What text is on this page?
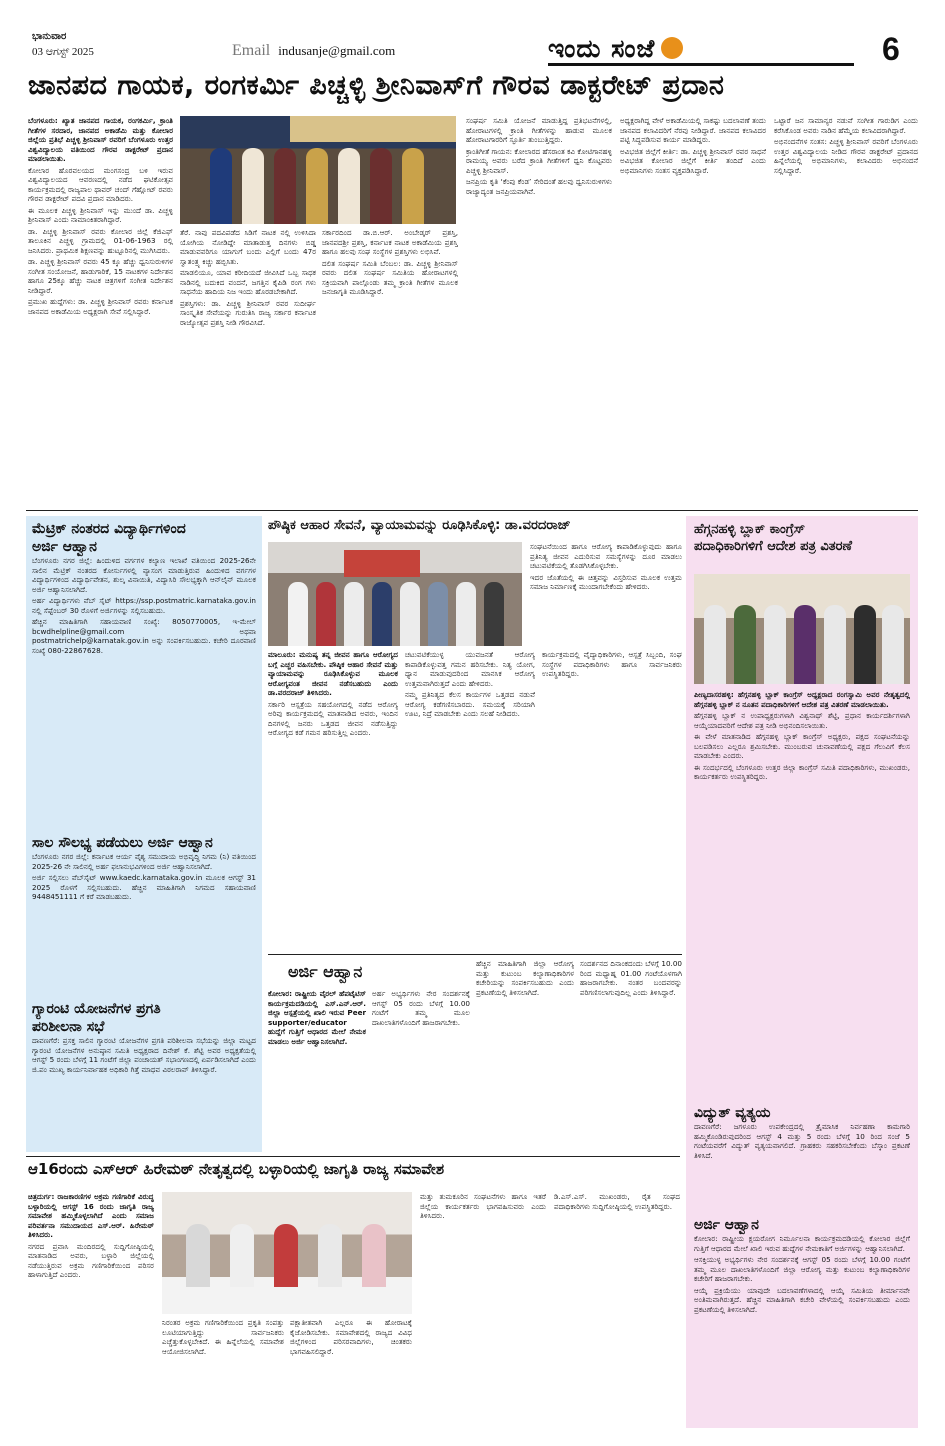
ಭಾನುವಾರ
03 ಆಗಸ್ಟ್ 2025	Email indusanje@gmail.com	ಇಂದು ಸಂಜೆ	6
ಜಾನಪದ ಗಾಯಕ, ರಂಗಕರ್ಮಿ ಪಿಚ್ಚಳ್ಳಿ ಶ್ರೀನಿವಾಸ್‌ಗೆ ಗೌರವ ಡಾಕ್ಟರೇಟ್ ಪ್ರದಾನ

ಬೆಂಗಳೂರು: ಖ್ಯಾತ ಜಾನಪದ ಗಾಯಕ, ರಂಗಕರ್ಮಿ, ಕ್ರಾಂತಿ ಗೀತೆಗಳ ಸರದಾರ, ಜಾನಪದ ಅಕಾಡೆಮಿ ಮತ್ತು ಕೋಲಾರ ಜಿಲ್ಲೆಯ ಪ್ರತಿಭೆ ಪಿಚ್ಚಳ್ಳಿ ಶ್ರೀನಿವಾಸ್ ರವರಿಗೆ ಬೆಂಗಳೂರು ಉತ್ತರ ವಿಶ್ವವಿದ್ಯಾಲಯ ವತಿಯಿಂದ ಗೌರವ ಡಾಕ್ಟರೇಟ್ ಪ್ರದಾನ ಮಾಡಲಾಯಿತು.

ಕೋಲಾರ ಹೊರವಲಯದ ಮಂಗಸಂದ್ರ ಬಳಿ ಇರುವ ವಿಶ್ವವಿದ್ಯಾಲಯದ ಆವರಣದಲ್ಲಿ ನಡೆದ ಘಟಿಕೋತ್ಸವ ಕಾರ್ಯಕ್ರಮದಲ್ಲಿ ರಾಜ್ಯಪಾಲ ಥಾವರ್ ಚಂದ್ ಗೆಹ್ಲೋಟ್ ರವರು ಗೌರವ ಡಾಕ್ಟರೇಟ್ ಪದವಿ ಪ್ರದಾನ ಮಾಡಿದರು.

ಈ ಮೂಲಕ ಪಿಚ್ಚಳ್ಳಿ ಶ್ರೀನಿವಾಸ್ ಇನ್ನು ಮುಂದೆ ಡಾ. ಪಿಚ್ಚಳ್ಳಿ ಶ್ರೀನಿವಾಸ್ ಎಂದು ನಾಮಾಂಕಿತರಾಗಿದ್ದಾರೆ.

ಡಾ. ಪಿಚ್ಚಳ್ಳಿ ಶ್ರೀನಿವಾಸ್ ರವರು ಕೋಲಾರ ಜಿಲ್ಲೆ ಕೆಜಿಎಫ್ ತಾಲೂಕಿನ ಪಿಚ್ಚಳ್ಳಿ ಗ್ರಾಮದಲ್ಲಿ 01-06-1963 ರಲ್ಲಿ ಜನಿಸಿದರು. ಪ್ರಾಥಮಿಕ ಶಿಕ್ಷಣವನ್ನು ಹುಟ್ಟೂರಿನಲ್ಲಿ ಮುಗಿಸಿದರು.

ಡಾ. ಪಿಚ್ಚಳ್ಳಿ ಶ್ರೀನಿವಾಸ್ ರವರು 45 ಕ್ಕೂ ಹೆಚ್ಚು ಧ್ವನಿಸುರುಳಿಗಳ ಸಂಗೀತ ಸಂಯೋಜನೆ, ಹಾಡುಗಾರಿಕೆ, 15 ನಾಟಕಗಳ ನಿರ್ದೇಶನ ಹಾಗೂ 25ಕ್ಕೂ ಹೆಚ್ಚು ನಾಟಕ ಚಿತ್ರಗಳಿಗೆ ಸಂಗೀತ ನಿರ್ದೇಶನ ನೀಡಿದ್ದಾರೆ.

ಪ್ರಮುಖ ಹುದ್ದೆಗಳು: ಡಾ. ಪಿಚ್ಚಳ್ಳಿ ಶ್ರೀನಿವಾಸ್ ರವರು ಕರ್ನಾಟಕ ಜಾನಪದ ಅಕಾಡೆಮಿಯ ಅಧ್ಯಕ್ಷರಾಗಿ ಸೇವೆ ಸಲ್ಲಿಸಿದ್ದಾರೆ.

ತೆರೆ. ನಾವು ಪದವಿಪಡೆದ ಸಿಡಿಗೆ ನಾಟಕ ನಲ್ಲಿ ಉಳಿಸಿದಾ ಯೋಗಿಯ ನೋಡಿದ್ದೇ ಮಾತಾಡುತ್ತ ದಿನಗಳು ಬಿಡ್ಡ ಮಾಡುವವರಿಗೂ ಯಾಗುಗೆ ಬಂದು ಎಲ್ಲಿಗೆ ಬಂದು 47ರ ಸ್ವಾತಂತ್ರ್ಯ ಕಿಚ್ಚು ಹಬ್ಬಿಸಿತು.

ಮಾಡಲಿಯೂ, ಯಾವ ಕರೀದಿಯದೆ ಜೀವಿಸಿದೆ ಒಬ್ಬ ಸಾಧಕ ನಾಡಿನಲ್ಲಿ ಬದುಕಿದ ವಂದನೆ, ಜಗತ್ತಿನ ಕೈಪಿಡಿ ರಂಗ ಗಳು ಸಾಧನೆಯ ಹಾದಿಯ ನಿಜ ಇಂದು ಹೊರಡಬೇಕಾಗಿದೆ.

ಪ್ರಶಸ್ತಿಗಳು: ಡಾ. ಪಿಚ್ಚಳ್ಳಿ ಶ್ರೀನಿವಾಸ್ ರವರ ಸುದೀರ್ಘ ಸಾಂಸ್ಕೃತಿಕ ಸೇವೆಯನ್ನು ಗುರುತಿಸಿ ರಾಜ್ಯ ಸರ್ಕಾರ ಕರ್ನಾಟಕ ರಾಜ್ಯೋತ್ಸವ ಪ್ರಶಸ್ತಿ ನೀಡಿ ಗೌರವಿಸಿದೆ.

ಸರ್ಕಾರದಿಂದ ಡಾ.ಬಿ.ಆರ್. ಅಂಬೇಡ್ಕರ್ ಪ್ರಶಸ್ತಿ, ಜಾನಪದಶ್ರೀ ಪ್ರಶಸ್ತಿ, ಕರ್ನಾಟಕ ನಾಟಕ ಅಕಾಡೆಮಿಯ ಪ್ರಶಸ್ತಿ ಹಾಗೂ ಹಲವು ಸಂಘ ಸಂಸ್ಥೆಗಳ ಪ್ರಶಸ್ತಿಗಳು ಲಭಿಸಿವೆ.

ದಲಿತ ಸಂಘರ್ಷ ಸಮಿತಿ ಬೆಂಬಲ: ಡಾ. ಪಿಚ್ಚಳ್ಳಿ ಶ್ರೀನಿವಾಸ್ ರವರು ದಲಿತ ಸಂಘರ್ಷ ಸಮಿತಿಯ ಹೋರಾಟಗಳಲ್ಲಿ ಸಕ್ರಿಯವಾಗಿ ಪಾಲ್ಗೊಂಡು ತಮ್ಮ ಕ್ರಾಂತಿ ಗೀತೆಗಳ ಮೂಲಕ ಜನಜಾಗೃತಿ ಮೂಡಿಸಿದ್ದಾರೆ.

ಸಂಘರ್ಷ ಸಮಿತಿ ಯೋಜನೆ ಮಾಡುತ್ತಿದ್ದ ಪ್ರತಿಭಟನೆಗಳಲ್ಲಿ, ಹೋರಾಟಗಳಲ್ಲಿ ಕ್ರಾಂತಿ ಗೀತೆಗಳನ್ನು ಹಾಡುವ ಮೂಲಕ ಹೋರಾಟಗಾರರಿಗೆ ಸ್ಫೂರ್ತಿ ತುಂಬುತ್ತಿದ್ದರು.

ಕ್ರಾಂತಿಗೀತೆ ಗಾಯನ: ಕೋಲಾರದ ಹೆಸರಾಂತ ಕವಿ ಕೋಟಿಗಾನಹಳ್ಳಿ ರಾಮಯ್ಯ ಅವರು ಬರೆದ ಕ್ರಾಂತಿ ಗೀತೆಗಳಿಗೆ ಧ್ವನಿ ಕೊಟ್ಟವರು ಪಿಚ್ಚಳ್ಳಿ ಶ್ರೀನಿವಾಸ್.

ಜನಪ್ರಿಯ ಕೃತಿ ‘ಕೆಂಪು ಕೆಂಡ’ ಸೇರಿದಂತೆ ಹಲವು ಧ್ವನಿಸುರುಳಿಗಳು ರಾಜ್ಯಾದ್ಯಂತ ಜನಪ್ರಿಯವಾಗಿವೆ.

ಅಧ್ಯಕ್ಷರಾಗಿದ್ದ ವೇಳೆ ಅಕಾಡೆಮಿಯಲ್ಲಿ ಸಾಕಷ್ಟು ಬದಲಾವಣೆ ತಂದು ಜಾನಪದ ಕಲಾವಿದರಿಗೆ ನೆರವು ನೀಡಿದ್ದಾರೆ. ಜಾನಪದ ಕಲಾವಿದರ ಪಟ್ಟಿ ಸಿದ್ಧಪಡಿಸುವ ಕಾರ್ಯ ಮಾಡಿದ್ದರು.

ಅವಿಭಜಿತ ಜಿಲ್ಲೆಗೆ ಕೀರ್ತಿ: ಡಾ. ಪಿಚ್ಚಳ್ಳಿ ಶ್ರೀನಿವಾಸ್ ರವರ ಸಾಧನೆ ಅವಿಭಜಿತ ಕೋಲಾರ ಜಿಲ್ಲೆಗೆ ಕೀರ್ತಿ ತಂದಿದೆ ಎಂದು ಅಭಿಮಾನಿಗಳು ಸಂತಸ ವ್ಯಕ್ತಪಡಿಸಿದ್ದಾರೆ.

ಒಟ್ಟಾರೆ ಜನ ಸಾಮಾನ್ಯರ ನಡುವೆ ಸಂಗೀತ ಗಾರುಡಿಗ ಎಂದು ಕರೆಸಿಕೊಂಡ ಅವರು ನಾಡಿನ ಹೆಮ್ಮೆಯ ಕಲಾವಿದರಾಗಿದ್ದಾರೆ.

ಅಭಿನಂದನೆಗಳ ಸಂತಸ: ಪಿಚ್ಚಳ್ಳಿ ಶ್ರೀನಿವಾಸ್ ರವರಿಗೆ ಬೆಂಗಳೂರು ಉತ್ತರ ವಿಶ್ವವಿದ್ಯಾಲಯ ನೀಡಿದ ಗೌರವ ಡಾಕ್ಟರೇಟ್ ಪ್ರದಾನದ ಹಿನ್ನೆಲೆಯಲ್ಲಿ ಅಭಿಮಾನಿಗಳು, ಕಲಾವಿದರು ಅಭಿನಂದನೆ ಸಲ್ಲಿಸಿದ್ದಾರೆ.

ಮೆಟ್ರಿಕ್ ನಂತರದ ವಿದ್ಯಾರ್ಥಿಗಳಿಂದ
ಅರ್ಜಿ ಆಹ್ವಾನ

ಬೆಂಗಳೂರು ನಗರ ಜಿಲ್ಲೆ: ಹಿಂದುಳಿದ ವರ್ಗಗಳ ಕಲ್ಯಾಣ ಇಲಾಖೆ ವತಿಯಿಂದ 2025-26ನೇ ಸಾಲಿನ ಮೆಟ್ರಿಕ್ ನಂತರದ ಕೋರ್ಸುಗಳಲ್ಲಿ ವ್ಯಾಸಂಗ ಮಾಡುತ್ತಿರುವ ಹಿಂದುಳಿದ ವರ್ಗಗಳ ವಿದ್ಯಾರ್ಥಿಗಳಿಂದ ವಿದ್ಯಾರ್ಥಿವೇತನ, ಶುಲ್ಕ ವಿನಾಯಿತಿ, ವಿದ್ಯಾಸಿರಿ ಸೌಲಭ್ಯಕ್ಕಾಗಿ ಆನ್‌ಲೈನ್ ಮೂಲಕ ಅರ್ಜಿ ಆಹ್ವಾನಿಸಲಾಗಿದೆ.

ಅರ್ಹ ವಿದ್ಯಾರ್ಥಿಗಳು ವೆಬ್ ಸೈಟ್ https://ssp.postmatric.karnataka.gov.in ನಲ್ಲಿ ಸೆಪ್ಟೆಂಬರ್ 30 ರೊಳಗೆ ಅರ್ಜಿಗಳನ್ನು ಸಲ್ಲಿಸಬಹುದು.

ಹೆಚ್ಚಿನ ಮಾಹಿತಿಗಾಗಿ ಸಹಾಯವಾಣಿ ಸಂಖ್ಯೆ: 8050770005, ಇ-ಮೇಲ್ bcwdhelpline@gmail.com ಅಥವಾ postmatrichelp@karnatak.gov.in ಅನ್ನು ಸಂಪರ್ಕಿಸಬಹುದು. ಕಚೇರಿ ದೂರವಾಣಿ ಸಂಖ್ಯೆ 080-22867628.

ಸಾಲ ಸೌಲಭ್ಯ ಪಡೆಯಲು ಅರ್ಜಿ ಆಹ್ವಾನ

ಬೆಂಗಳೂರು ನಗರ ಜಿಲ್ಲೆ: ಕರ್ನಾಟಕ ಆರ್ಯ ವೈಶ್ಯ ಸಮುದಾಯ ಅಭಿವೃದ್ಧಿ ನಿಗಮ (ನಿ) ವತಿಯಿಂದ 2025-26 ನೇ ಸಾಲಿನಲ್ಲಿ ಅರ್ಹ ಫಲಾನುಭವಿಗಳಿಂದ ಅರ್ಜಿ ಆಹ್ವಾನಿಸಲಾಗಿದೆ.

ಅರ್ಜಿ ಸಲ್ಲಿಸಲು ವೆಬ್‌ಸೈಟ್ www.kaedc.karnataka.gov.in ಮೂಲಕ ಆಗಸ್ಟ್ 31 2025 ರೊಳಗೆ ಸಲ್ಲಿಸಬಹುದು. ಹೆಚ್ಚಿನ ಮಾಹಿತಿಗಾಗಿ ನಿಗಮದ ಸಹಾಯವಾಣಿ 9448451111 ಗೆ ಕರೆ ಮಾಡಬಹುದು.

ಗ್ಯಾರಂಟಿ ಯೋಜನೆಗಳ ಪ್ರಗತಿ
ಪರಿಶೀಲನಾ ಸಭೆ

ದಾವಣಗೆರೆ: ಪ್ರಸಕ್ತ ಸಾಲಿನ ಗ್ಯಾರಂಟಿ ಯೋಜನೆಗಳ ಪ್ರಗತಿ ಪರಿಶೀಲನಾ ಸಭೆಯನ್ನು ಜಿಲ್ಲಾ ಮಟ್ಟದ ಗ್ಯಾರಂಟಿ ಯೋಜನೆಗಳ ಅನುಷ್ಠಾನ ಸಮಿತಿ ಅಧ್ಯಕ್ಷರಾದ ದಿನೇಶ್ ಕೆ. ಶೆಟ್ಟಿ ಅವರ ಅಧ್ಯಕ್ಷತೆಯಲ್ಲಿ ಆಗಸ್ಟ್ 5 ರಂದು ಬೆಳಗ್ಗೆ 11 ಗಂಟೆಗೆ ಜಿಲ್ಲಾ ಪಂಚಾಯತ್ ಸಭಾಂಗಣದಲ್ಲಿ ಏರ್ಪಡಿಸಲಾಗಿದೆ ಎಂದು ಜಿ.ಪಂ ಮುಖ್ಯ ಕಾರ್ಯನಿರ್ವಾಹಕ ಅಧಿಕಾರಿ ಗಿತ್ತೆ ಮಾಧವ ವಿಠಲರಾವ್ ತಿಳಿಸಿದ್ದಾರೆ.

ಪೌಷ್ಠಿಕ ಆಹಾರ ಸೇವನೆ, ವ್ಯಾಯಾಮವನ್ನು ರೂಢಿಸಿಕೊಳ್ಳಿ: ಡಾ.ವರದರಾಜ್

ಸಂಘಟನೆಯಿಂದ ಹಾಗೂ ಆರೋಗ್ಯ ಕಾಪಾಡಿಕೊಳ್ಳುವುದು ಹಾಗೂ ಪ್ರತಿನಿತ್ಯ ಜೀವನ ಎದುರಿಸುವ ಸಮಸ್ಯೆಗಳನ್ನು ದೂರ ಮಾಡಲು ಚಟುವಟಿಕೆಯಲ್ಲಿ ತೊಡಗಿಸಿಕೊಳ್ಳಬೇಕು.

ಇದರ ಜೊತೆಯಲ್ಲಿ ಈ ಚಿತ್ತವನ್ನು ವಿಸ್ತರಿಸುವ ಮೂಲಕ ಉತ್ತಮ ಸಮಾಜ ನಿರ್ಮಾಣಕ್ಕೆ ಮುಂದಾಗಬೇಕೆಂದು ಹೇಳಿದರು.

ಮಾಲೂರು: ಮನುಷ್ಯ ತನ್ನ ಜೀವನ ಹಾಗೂ ಆರೋಗ್ಯದ ಬಗ್ಗೆ ಎಚ್ಚರ ವಹಿಸಬೇಕು. ಪೌಷ್ಠಿಕ ಆಹಾರ ಸೇವನೆ ಮತ್ತು ವ್ಯಾಯಾಮವನ್ನು ರೂಢಿಸಿಕೊಳ್ಳುವ ಮೂಲಕ ಆರೋಗ್ಯವಂತ ಜೀವನ ನಡೆಸಬಹುದು ಎಂದು ಡಾ.ವರದರಾಜ್ ತಿಳಿಸಿದರು.

ಸರ್ಕಾರಿ ಆಸ್ಪತ್ರೆಯ ಸಹಯೋಗದಲ್ಲಿ ನಡೆದ ಆರೋಗ್ಯ ಅರಿವು ಕಾರ್ಯಕ್ರಮದಲ್ಲಿ ಮಾತನಾಡಿದ ಅವರು, ಇಂದಿನ ದಿನಗಳಲ್ಲಿ ಜನರು ಒತ್ತಡದ ಜೀವನ ನಡೆಸುತ್ತಿದ್ದು ಆರೋಗ್ಯದ ಕಡೆ ಗಮನ ಹರಿಸುತ್ತಿಲ್ಲ ಎಂದರು.

ಚಟುವಟಿಕೆಯುಳ್ಳ ಯುವಜನತೆ ಆರೋಗ್ಯ ಕಾಪಾಡಿಕೊಳ್ಳುವತ್ತ ಗಮನ ಹರಿಸಬೇಕು. ನಿತ್ಯ ಯೋಗ, ಧ್ಯಾನ ಮಾಡುವುದರಿಂದ ಮಾನಸಿಕ ಆರೋಗ್ಯ ಉತ್ತಮವಾಗಿರುತ್ತದೆ ಎಂದು ಹೇಳಿದರು.

ನಮ್ಮ ಪ್ರತಿನಿತ್ಯದ ಕೆಲಸ ಕಾರ್ಯಗಳ ಒತ್ತಡದ ನಡುವೆ ಆರೋಗ್ಯ ಕಡೆಗಣಿಸಬಾರದು. ಸಮಯಕ್ಕೆ ಸರಿಯಾಗಿ ಊಟ, ನಿದ್ರೆ ಮಾಡಬೇಕು ಎಂದು ಸಲಹೆ ನೀಡಿದರು.

ಕಾರ್ಯಕ್ರಮದಲ್ಲಿ ವೈದ್ಯಾಧಿಕಾರಿಗಳು, ಆಸ್ಪತ್ರೆ ಸಿಬ್ಬಂದಿ, ಸಂಘ ಸಂಸ್ಥೆಗಳ ಪದಾಧಿಕಾರಿಗಳು ಹಾಗೂ ಸಾರ್ವಜನಿಕರು ಉಪಸ್ಥಿತರಿದ್ದರು.

ಅರ್ಜಿ ಆಹ್ವಾನ

ಕೋಲಾರ: ರಾಷ್ಟ್ರೀಯ ವೈರಲ್ ಹೆಪಟೈಟಿಸ್ ಕಾರ್ಯಕ್ರಮದಡಿಯಲ್ಲಿ ಎಸ್.ಎನ್.ಆರ್. ಜಿಲ್ಲಾ ಆಸ್ಪತ್ರೆಯಲ್ಲಿ ಖಾಲಿ ಇರುವ Peer supporter/educator ಹುದ್ದೆಗೆ ಗುತ್ತಿಗೆ ಆಧಾರದ ಮೇಲೆ ನೇಮಕ ಮಾಡಲು ಅರ್ಜಿ ಆಹ್ವಾನಿಸಲಾಗಿದೆ.

ಅರ್ಹ ಅಭ್ಯರ್ಥಿಗಳು ನೇರ ಸಂದರ್ಶನಕ್ಕೆ ಆಗಸ್ಟ್ 05 ರಂದು ಬೆಳಗ್ಗೆ 10.00 ಗಂಟೆಗೆ ತಮ್ಮ ಮೂಲ ದಾಖಲಾತಿಗಳೊಂದಿಗೆ ಹಾಜರಾಗಬೇಕು.

ಹೆಚ್ಚಿನ ಮಾಹಿತಿಗಾಗಿ ಜಿಲ್ಲಾ ಆರೋಗ್ಯ ಮತ್ತು ಕುಟುಂಬ ಕಲ್ಯಾಣಾಧಿಕಾರಿಗಳ ಕಚೇರಿಯನ್ನು ಸಂಪರ್ಕಿಸಬಹುದು ಎಂದು ಪ್ರಕಟಣೆಯಲ್ಲಿ ತಿಳಿಸಲಾಗಿದೆ.

ಸಂದರ್ಶನದ ದಿನಾಂಕದಂದು ಬೆಳಗ್ಗೆ 10.00 ರಿಂದ ಮಧ್ಯಾಹ್ನ 01.00 ಗಂಟೆಯೊಳಗಾಗಿ ಹಾಜರಾಗಬೇಕು. ನಂತರ ಬಂದವರನ್ನು ಪರಿಗಣಿಸಲಾಗುವುದಿಲ್ಲ ಎಂದು ತಿಳಿಸಿದ್ದಾರೆ.

ಆ16ರಂದು ಎಸ್‌ಆರ್ ಹಿರೇಮಠ್ ನೇತೃತ್ವದಲ್ಲಿ ಬಳ್ಳಾರಿಯಲ್ಲಿ ಜಾಗೃತಿ ರಾಜ್ಯ ಸಮಾವೇಶ

ಚಿತ್ರದುರ್ಗ: ರಾಜಕಾರಣಿಗಳ ಅಕ್ರಮ ಗಣಿಗಾರಿಕೆ ವಿರುದ್ಧ ಬಳ್ಳಾರಿಯಲ್ಲಿ ಆಗಸ್ಟ್ 16 ರಂದು ಜಾಗೃತಿ ರಾಜ್ಯ ಸಮಾವೇಶ ಹಮ್ಮಿಕೊಳ್ಳಲಾಗಿದೆ ಎಂದು ಸಮಾಜ ಪರಿವರ್ತನಾ ಸಮುದಾಯದ ಎಸ್.ಆರ್. ಹಿರೇಮಠ್ ತಿಳಿಸಿದರು.

ನಗರದ ಪ್ರವಾಸಿ ಮಂದಿರದಲ್ಲಿ ಸುದ್ದಿಗೋಷ್ಠಿಯಲ್ಲಿ ಮಾತನಾಡಿದ ಅವರು, ಬಳ್ಳಾರಿ ಜಿಲ್ಲೆಯಲ್ಲಿ ನಡೆಯುತ್ತಿರುವ ಅಕ್ರಮ ಗಣಿಗಾರಿಕೆಯಿಂದ ಪರಿಸರ ಹಾಳಾಗುತ್ತಿದೆ ಎಂದರು.

ನಿರಂತರ ಅಕ್ರಮ ಗಣಿಗಾರಿಕೆಯಿಂದ ಪ್ರಕೃತಿ ಸಂಪತ್ತು ಲೂಟಿಯಾಗುತ್ತಿದ್ದು ಸಾರ್ವಜನಿಕರು ಎಚ್ಚೆತ್ತುಕೊಳ್ಳಬೇಕಿದೆ. ಈ ಹಿನ್ನೆಲೆಯಲ್ಲಿ ಸಮಾವೇಶ ಆಯೋಜಿಸಲಾಗಿದೆ.

ಪಕ್ಷಾತೀತವಾಗಿ ಎಲ್ಲರೂ ಈ ಹೋರಾಟಕ್ಕೆ ಕೈಜೋಡಿಸಬೇಕು. ಸಮಾವೇಶದಲ್ಲಿ ರಾಜ್ಯದ ವಿವಿಧ ಜಿಲ್ಲೆಗಳಿಂದ ಪರಿಸರವಾದಿಗಳು, ಚಿಂತಕರು ಭಾಗವಹಿಸಲಿದ್ದಾರೆ.

ಮತ್ತು ತುಮಕೂರಿನ ಸಂಘಟನೆಗಳು ಹಾಗೂ ಇತರೆ ಜಿಲ್ಲೆಯ ಕಾರ್ಯಕರ್ತರು ಭಾಗವಹಿಸುವರು ಎಂದು ತಿಳಿಸಿದರು.

ಡಿ.ಎಸ್.ಎಸ್. ಮುಖಂಡರು, ರೈತ ಸಂಘದ ಪದಾಧಿಕಾರಿಗಳು ಸುದ್ದಿಗೋಷ್ಠಿಯಲ್ಲಿ ಉಪಸ್ಥಿತರಿದ್ದರು.

ಹೆಗ್ಗನಹಳ್ಳಿ ಬ್ಲಾಕ್ ಕಾಂಗ್ರೆಸ್
ಪದಾಧಿಕಾರಿಗಳಿಗೆ ಆದೇಶ ಪತ್ರ ವಿತರಣೆ

ಪೀಣ್ಯದಾಸರಹಳ್ಳಿ: ಹೆಗ್ಗನಹಳ್ಳಿ ಬ್ಲಾಕ್ ಕಾಂಗ್ರೆಸ್ ಅಧ್ಯಕ್ಷರಾದ ರಂಗಸ್ವಾಮಿ ಅವರ ನೇತೃತ್ವದಲ್ಲಿ ಹೆಗ್ಗನಹಳ್ಳಿ ಬ್ಲಾಕ್ ನ ನೂತನ ಪದಾಧಿಕಾರಿಗಳಿಗೆ ಆದೇಶ ಪತ್ರ ವಿತರಣೆ ಮಾಡಲಾಯಿತು.

ಹೆಗ್ಗನಹಳ್ಳಿ ಬ್ಲಾಕ್ ನ ಉಪಾಧ್ಯಕ್ಷರುಗಳಾಗಿ ವಿಶ್ವನಾಥ್ ಶೆಟ್ಟಿ, ಪ್ರಧಾನ ಕಾರ್ಯದರ್ಶಿಗಳಾಗಿ ಆಯ್ಕೆಯಾದವರಿಗೆ ಆದೇಶ ಪತ್ರ ನೀಡಿ ಅಭಿನಂದಿಸಲಾಯಿತು.

ಈ ವೇಳೆ ಮಾತನಾಡಿದ ಹೆಗ್ಗನಹಳ್ಳಿ ಬ್ಲಾಕ್ ಕಾಂಗ್ರೆಸ್ ಅಧ್ಯಕ್ಷರು, ಪಕ್ಷದ ಸಂಘಟನೆಯನ್ನು ಬಲಪಡಿಸಲು ಎಲ್ಲರೂ ಶ್ರಮಿಸಬೇಕು. ಮುಂಬರುವ ಚುನಾವಣೆಯಲ್ಲಿ ಪಕ್ಷದ ಗೆಲುವಿಗೆ ಕೆಲಸ ಮಾಡಬೇಕು ಎಂದರು.

ಈ ಸಂದರ್ಭದಲ್ಲಿ ಬೆಂಗಳೂರು ಉತ್ತರ ಜಿಲ್ಲಾ ಕಾಂಗ್ರೆಸ್ ಸಮಿತಿ ಪದಾಧಿಕಾರಿಗಳು, ಮುಖಂಡರು, ಕಾರ್ಯಕರ್ತರು ಉಪಸ್ಥಿತರಿದ್ದರು.

ವಿದ್ಯುತ್ ವ್ಯತ್ಯಯ

ದಾವಣಗೆರೆ: ಜಗಳೂರು ಉಪಕೇಂದ್ರದಲ್ಲಿ ತ್ರೈಮಾಸಿಕ ನಿರ್ವಹಣಾ ಕಾಮಗಾರಿ ಹಮ್ಮಿಕೊಂಡಿರುವುದರಿಂದ ಆಗಸ್ಟ್ 4 ಮತ್ತು 5 ರಂದು ಬೆಳಗ್ಗೆ 10 ರಿಂದ ಸಂಜೆ 5 ಗಂಟೆಯವರೆಗೆ ವಿದ್ಯುತ್ ವ್ಯತ್ಯಯವಾಗಲಿದೆ. ಗ್ರಾಹಕರು ಸಹಕರಿಸಬೇಕೆಂದು ಬೆಸ್ಕಾಂ ಪ್ರಕಟಣೆ ತಿಳಿಸಿದೆ.

ಅರ್ಜಿ ಆಹ್ವಾನ

ಕೋಲಾರ: ರಾಷ್ಟ್ರೀಯ ಕ್ಷಯರೋಗ ನಿರ್ಮೂಲನಾ ಕಾರ್ಯಕ್ರಮದಡಿಯಲ್ಲಿ ಕೋಲಾರ ಜಿಲ್ಲೆಗೆ ಗುತ್ತಿಗೆ ಆಧಾರದ ಮೇಲೆ ಖಾಲಿ ಇರುವ ಹುದ್ದೆಗಳ ನೇಮಕಾತಿಗೆ ಅರ್ಜಿಗಳನ್ನು ಆಹ್ವಾನಿಸಲಾಗಿದೆ.

ಆಸಕ್ತಿಯುಳ್ಳ ಅಭ್ಯರ್ಥಿಗಳು ನೇರ ಸಂದರ್ಶನಕ್ಕೆ ಆಗಸ್ಟ್ 05 ರಂದು ಬೆಳಗ್ಗೆ 10.00 ಗಂಟೆಗೆ ತಮ್ಮ ಮೂಲ ದಾಖಲಾತಿಗಳೊಂದಿಗೆ ಜಿಲ್ಲಾ ಆರೋಗ್ಯ ಮತ್ತು ಕುಟುಂಬ ಕಲ್ಯಾಣಾಧಿಕಾರಿಗಳ ಕಚೇರಿಗೆ ಹಾಜರಾಗಬೇಕು.

ಆಯ್ಕೆ ಪ್ರಕ್ರಿಯೆಯು ಯಾವುದೇ ಬದಲಾವಣೆಗಳಾದಲ್ಲಿ ಆಯ್ಕೆ ಸಮಿತಿಯ ತೀರ್ಮಾನವೇ ಅಂತಿಮವಾಗಿರುತ್ತದೆ. ಹೆಚ್ಚಿನ ಮಾಹಿತಿಗಾಗಿ ಕಚೇರಿ ವೇಳೆಯಲ್ಲಿ ಸಂಪರ್ಕಿಸಬಹುದು ಎಂದು ಪ್ರಕಟಣೆಯಲ್ಲಿ ತಿಳಿಸಲಾಗಿದೆ.
